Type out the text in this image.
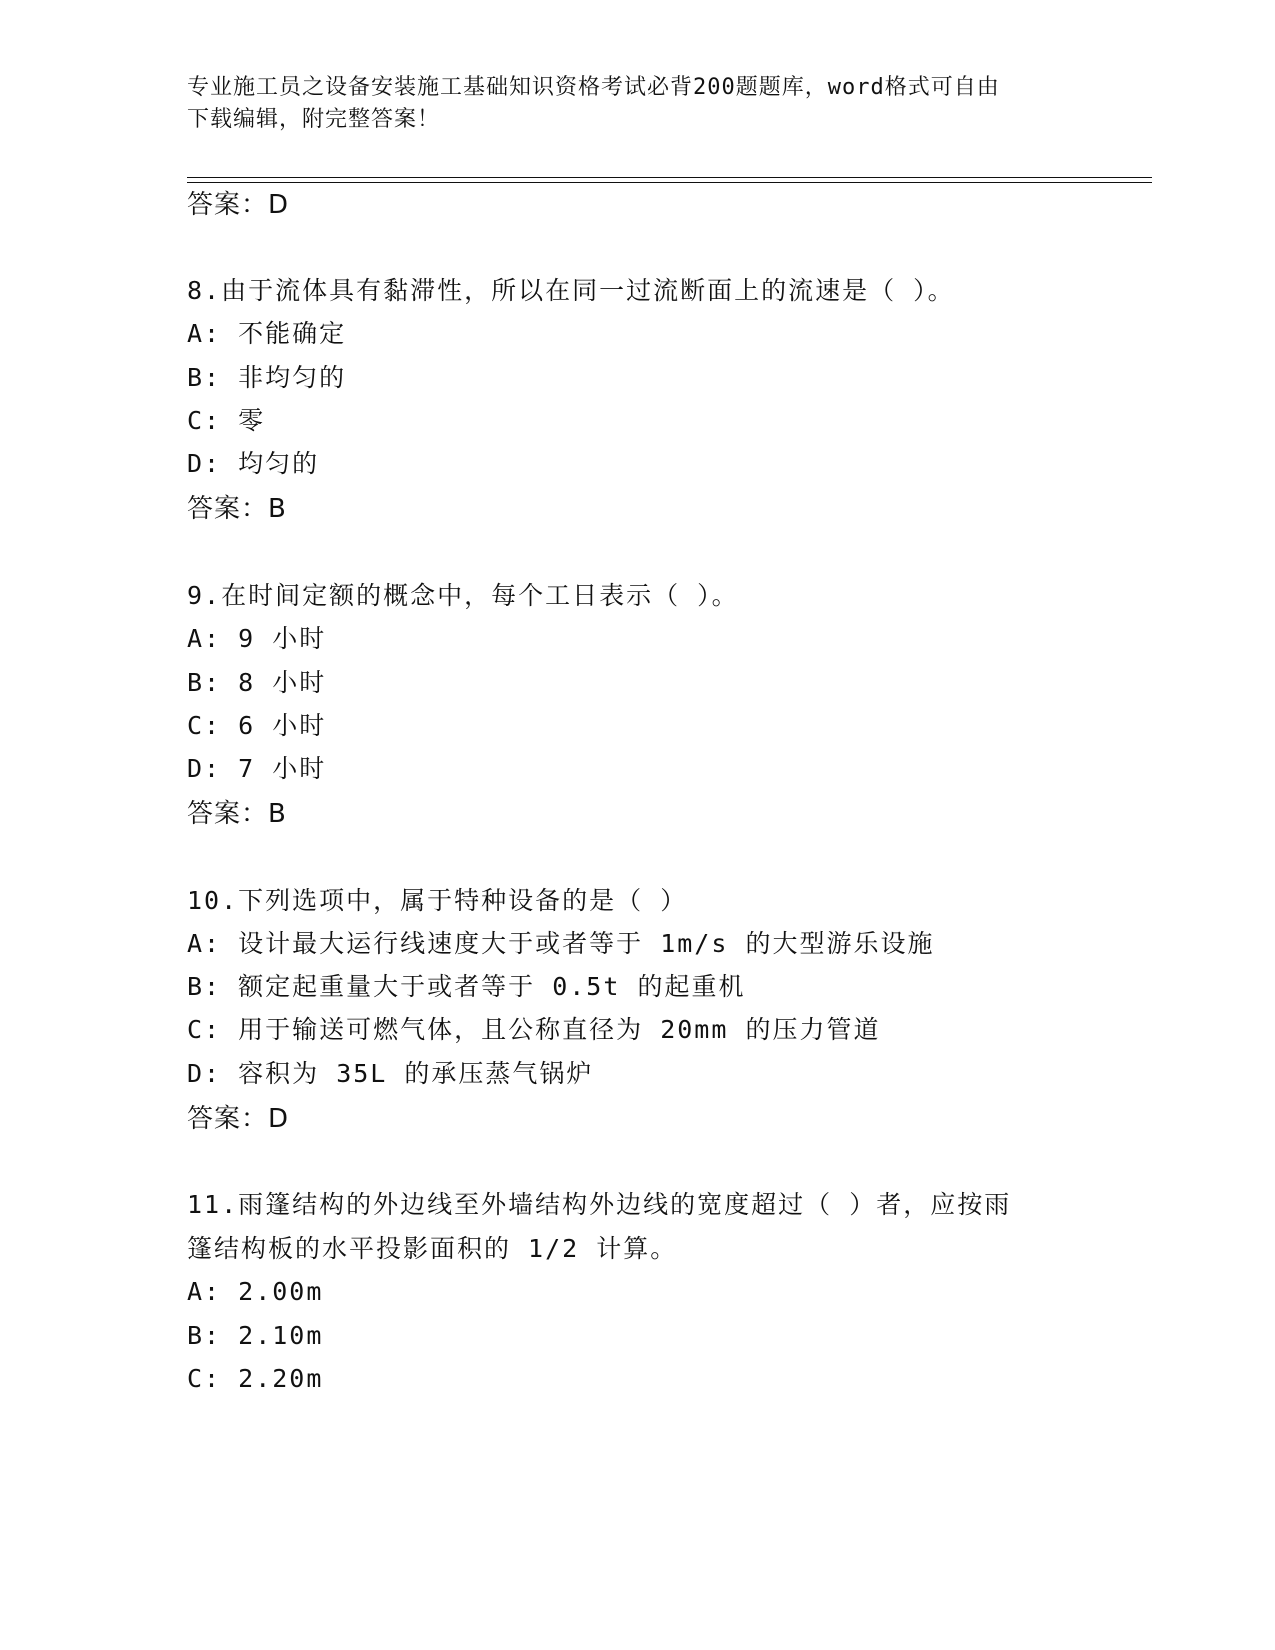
专业施工员之设备安装施工基础知识资格考试必背200题题库，word格式可自由
下载编辑，附完整答案！
答案：D
8.由于流体具有黏滞性，所以在同一过流断面上的流速是（ ）。
A: 不能确定
B: 非均匀的
C: 零
D: 均匀的
答案：B
9.在时间定额的概念中，每个工日表示（ ）。
A: 9 小时
B: 8 小时
C: 6 小时
D: 7 小时
答案：B
10.下列选项中，属于特种设备的是（ ）
A: 设计最大运行线速度大于或者等于 1m/s 的大型游乐设施
B: 额定起重量大于或者等于 0.5t 的起重机
C: 用于输送可燃气体，且公称直径为 20mm 的压力管道
D: 容积为 35L 的承压蒸气锅炉
答案：D
11.雨篷结构的外边线至外墙结构外边线的宽度超过（ ）者，应按雨
篷结构板的水平投影面积的 1/2 计算。
A: 2.00m
B: 2.10m
C: 2.20m
